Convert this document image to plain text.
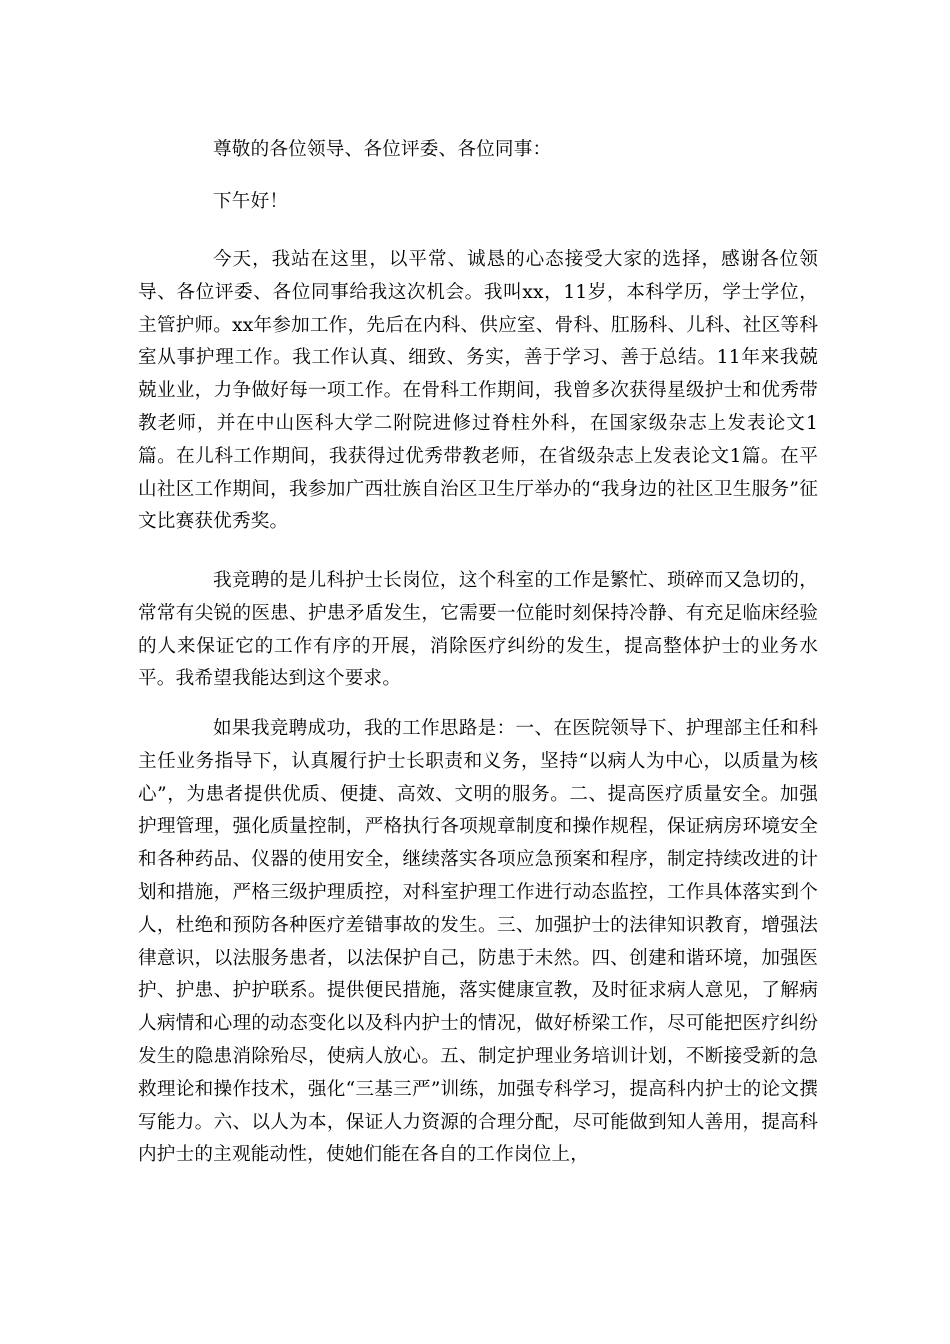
尊敬的各位领导、各位评委、各位同事：

下午好！

今天，我站在这里，以平常、诚恳的心态接受大家的选择，感谢各位领导、各位评委、各位同事给我这次机会。我叫xx，11岁，本科学历，学士学位，主管护师。xx年参加工作，先后在内科、供应室、骨科、肛肠科、儿科、社区等科室从事护理工作。我工作认真、细致、务实，善于学习、善于总结。11年来我兢兢业业，力争做好每一项工作。在骨科工作期间，我曾多次获得星级护士和优秀带教老师，并在中山医科大学二附院进修过脊柱外科，在国家级杂志上发表论文1篇。在儿科工作期间，我获得过优秀带教老师，在省级杂志上发表论文1篇。在平山社区工作期间，我参加广西壮族自治区卫生厅举办的“我身边的社区卫生服务”征文比赛获优秀奖。

我竞聘的是儿科护士长岗位，这个科室的工作是繁忙、琐碎而又急切的，常常有尖锐的医患、护患矛盾发生，它需要一位能时刻保持冷静、有充足临床经验的人来保证它的工作有序的开展，消除医疗纠纷的发生，提高整体护士的业务水平。我希望我能达到这个要求。

如果我竞聘成功，我的工作思路是：一、在医院领导下、护理部主任和科主任业务指导下，认真履行护士长职责和义务，坚持“以病人为中心，以质量为核心”，为患者提供优质、便捷、高效、文明的服务。二、提高医疗质量安全。加强护理管理，强化质量控制，严格执行各项规章制度和操作规程，保证病房环境安全和各种药品、仪器的使用安全，继续落实各项应急预案和程序，制定持续改进的计划和措施，严格三级护理质控，对科室护理工作进行动态监控，工作具体落实到个人，杜绝和预防各种医疗差错事故的发生。三、加强护士的法律知识教育，增强法律意识，以法服务患者，以法保护自己，防患于未然。四、创建和谐环境，加强医护、护患、护护联系。提供便民措施，落实健康宣教，及时征求病人意见，了解病人病情和心理的动态变化以及科内护士的情况，做好桥梁工作，尽可能把医疗纠纷发生的隐患消除殆尽，使病人放心。五、制定护理业务培训计划，不断接受新的急救理论和操作技术，强化“三基三严”训练，加强专科学习，提高科内护士的论文撰写能力。六、以人为本，保证人力资源的合理分配，尽可能做到知人善用，提高科内护士的主观能动性，使她们能在各自的工作岗位上，
